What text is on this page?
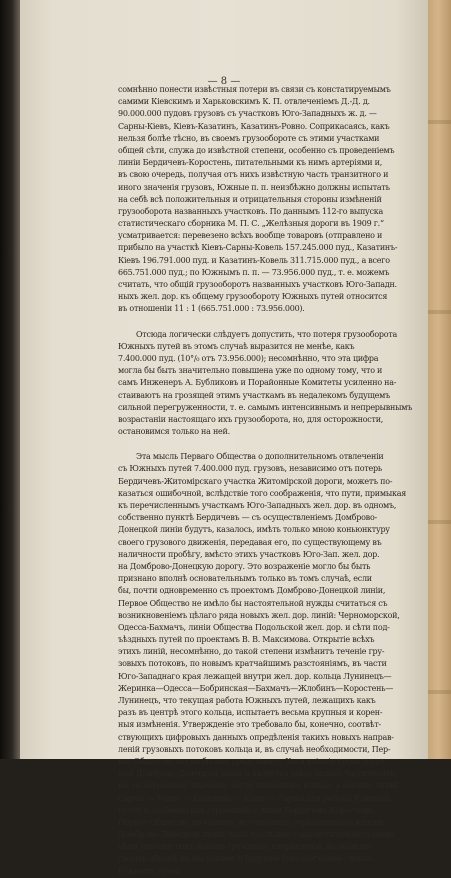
— 8 —
сомнѣнно понести извѣстныя потери въ связи съ констатируемымъ
самими Кіевскимъ и Харьковскимъ К. П. отвлеченіемъ Д.-Д. д.
90.000.000 пудовъ грузовъ съ участковъ Юго-Западныхъ ж. д. —
Сарны-Кіевъ, Кіевъ-Казатинъ, Казатинъ-Ровно. Соприкасаясь, какъ
нельзя болѣе тѣсно, въ своемъ грузообороте съ этими участками
общей сѣти, служа до извѣстной степени, особенно съ проведеніемъ
линіи Бердичевъ-Коростень, питательными къ нимъ артеріями и,
въ свою очередь, получая отъ нихъ извѣстную часть транзитного и
иного значенія грузовъ, Южные п. п. неизбѣжно должны испытать
на себѣ всѣ положительныя и отрицательныя стороны измѣненій
грузооборота названныхъ участковъ. По даннымъ 112-го выпуска
статистическаго сборника М. П. С. „Желѣзныя дороги въ 1909 г.“
усматривается: перевезено всѣхъ вообще товаровъ (отправлено и
прибыло на участкѣ Кіевъ-Сарны-Ковель 157.245.000 пуд., Казатинъ-
Кіевъ 196.791.000 пуд. и Казатинъ-Ковель 311.715.000 пуд., а всего
665.751.000 пуд.; по Южнымъ п. п. — 73.956.000 пуд., т. е. можемъ
считать, что общій грузооборотъ названныхъ участковъ Юго-Западн.
ныхъ жел. дор. къ общему грузообороту Южныхъ путей относится
въ отношеніи 11 : 1 (665.751.000 : 73.956.000).
Отсюда логически слѣдуетъ допустить, что потеря грузооборота
Южныхъ путей въ этомъ случаѣ выразится не менѣе, какъ
7.400.000 пуд. (10°/₀ отъ 73.956.000); несомнѣнно, что эта цифра
могла бы быть значительно повышена уже по одному тому, что и
самъ Инженеръ А. Бубликовъ и Порайонные Комитеты усиленно на-
стаиваютъ на грозящей этимъ участкамъ въ недалекомъ будущемъ
сильной перегруженности, т. е. самымъ интенсивнымъ и непрерывнымъ
возрастаніи настоящаго ихъ грузооборота, но, для осторожности,
остановимся только на ней.
Эта мысль Перваго Общества о дополнительномъ отвлеченіи
съ Южныхъ путей 7.400.000 пуд. грузовъ, независимо отъ потерь
Бердичевъ-Житомірскаго участка Житомірской дороги, можетъ по-
казаться ошибочной, вслѣдствіе того соображенія, что пути, примыкая
къ перечисленнымъ участкамъ Юго-Западныхъ жел. дор. въ одномъ,
собственно пунктѣ Бердичевъ — съ осуществленіемъ Домброво-
Донецкой линіи будутъ, казалось, имѣть только мною коньюнктуру
своего грузового движенія, передавая его, по существующему въ
наличности пробѣгу, вмѣсто этихъ участковъ Юго-Зап. жел. дор.
на Домброво-Донецкую дорогу. Это возраженіе могло бы быть
признано вполнѣ основательнымъ только въ томъ случаѣ, если
бы, почти одновременно съ проектомъ Домброво-Донецкой линіи,
Первое Общество не имѣло бы настоятельной нужды считаться съ
возникновеніемъ цѣлаго ряда новыхъ жел. дор. линій: Черноморской,
Одесса-Бахмачъ, линіи Общества Подольской жел. дор. и сѣти под-
ъѣздныхъ путей по проектамъ В. В. Максимова. Открытіе всѣхъ
этихъ линій, несомнѣнно, до такой степени измѣнитъ теченіе гру-
зовыхъ потоковъ, по новымъ кратчайшимъ разстояніямъ, въ части
Юго-Западнаго края лежащей внутри жел. дор. кольца Лунинецъ—
Жеринка—Одесса—Бобринская—Бахмачъ—Жлобинъ—Коростень—
Лунинецъ, что текущая работа Южныхъ путей, лежащихъ какъ
разъ въ центрѣ этого кольца, испытаетъ весьма крупныя и корен-
ныя измѣненія. Утвержденіе это требовало бы, конечно, соотвѣт-
ствующихъ цифровыхъ данныхъ опредѣленія такихъ новыхъ направ-
леній грузовыхъ потоковъ кольца и, въ случаѣ необходимости, Пер-
вое Общество могло бы ихъ представить. Хотя вліяніе проектируе-
мой Домброво-Донецкой линіи и является здѣсь только частичнымъ,
но, по огромному значенію части названнаго кольца, а именно линій
Сарны — Ровно — Казатинъ — Кіевъ — Сарны для работы Южныхъ
путей и особенно для строющейся линіи Бердичевъ-Коростень,
Первое Общество не можетъ не учитывать отрицательное вліяніе
Домброво-Донецкой линіи, какъ послѣдняго заключительнаго звена
цѣпи упомянутыхъ новыхъ грузовыхъ направленій, въ полномъ
своемъ объемѣ на настоящее и будущее благосостояніе своихъ
Южныхъ путей.
